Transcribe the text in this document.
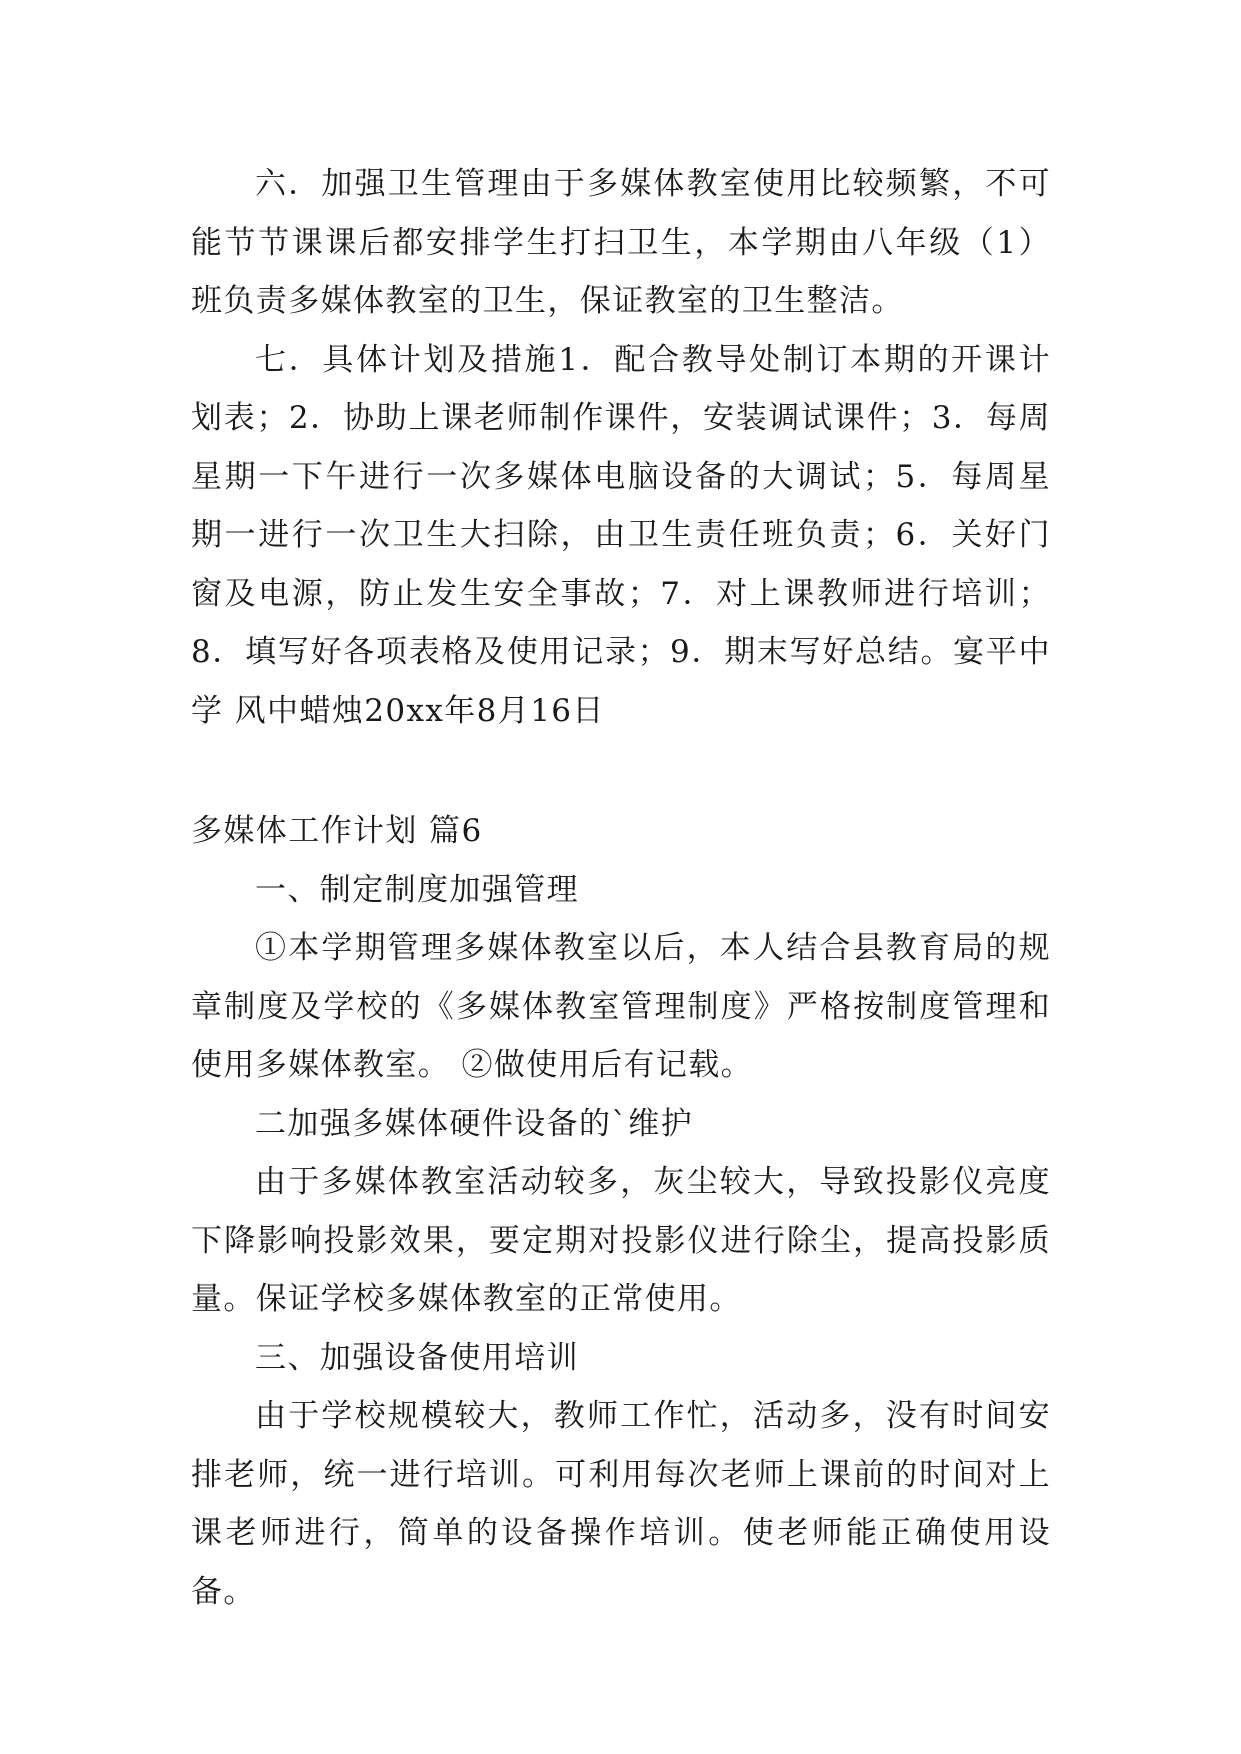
六．加强卫生管理由于多媒体教室使用比较频繁，不可能节节课课后都安排学生打扫卫生，本学期由八年级（1）班负责多媒体教室的卫生，保证教室的卫生整洁。

七．具体计划及措施1．配合教导处制订本期的开课计划表；2．协助上课老师制作课件，安装调试课件；3．每周星期一下午进行一次多媒体电脑设备的大调试；5．每周星期一进行一次卫生大扫除，由卫生责任班负责；6．关好门窗及电源，防止发生安全事故；7．对上课教师进行培训；8．填写好各项表格及使用记录；9．期末写好总结。宴平中学 风中蜡烛20xx年8月16日

多媒体工作计划 篇6

一、制定制度加强管理

①本学期管理多媒体教室以后，本人结合县教育局的规章制度及学校的《多媒体教室管理制度》严格按制度管理和使用多媒体教室。 ②做使用后有记载。

二加强多媒体硬件设备的`维护

由于多媒体教室活动较多，灰尘较大，导致投影仪亮度下降影响投影效果，要定期对投影仪进行除尘，提高投影质量。保证学校多媒体教室的正常使用。

三、加强设备使用培训

由于学校规模较大，教师工作忙，活动多，没有时间安排老师，统一进行培训。可利用每次老师上课前的时间对上课老师进行，简单的设备操作培训。使老师能正确使用设备。
